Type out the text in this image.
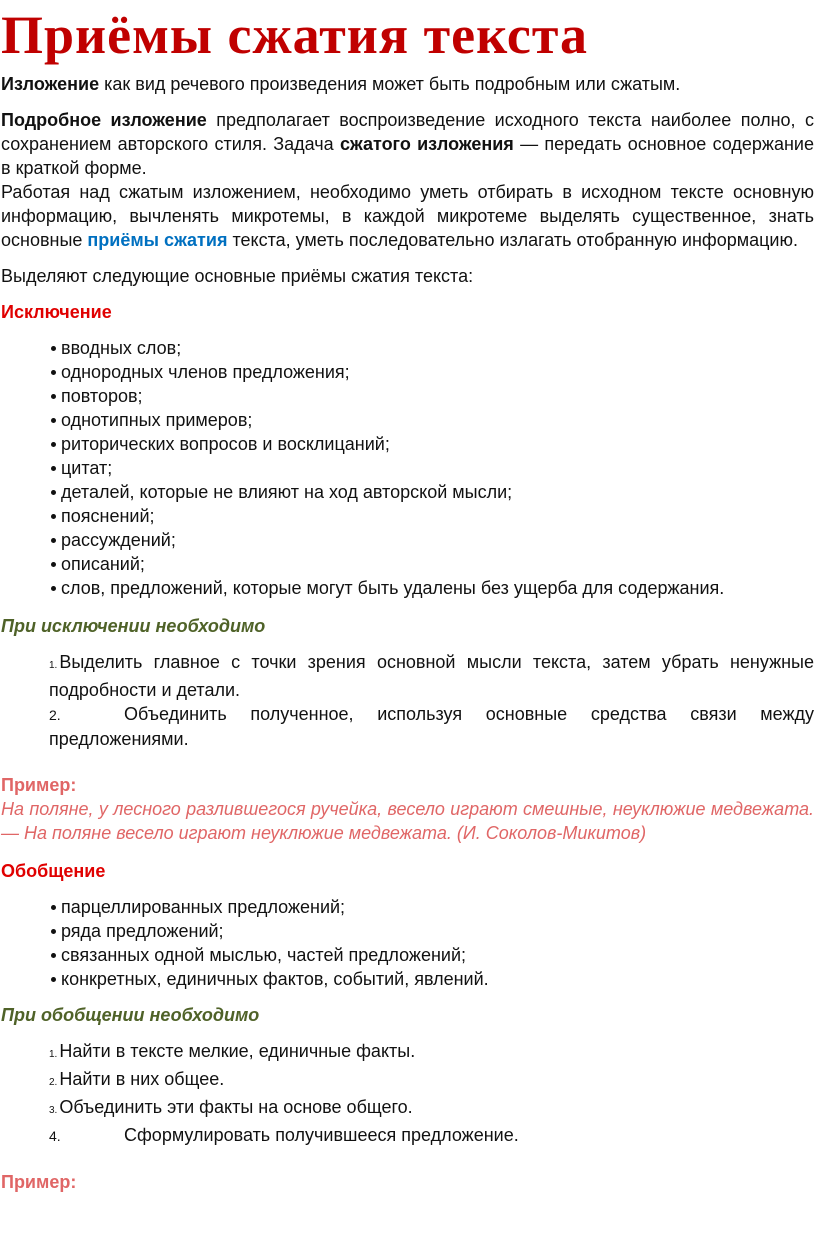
Приёмы сжатия текста

Изложение как вид речевого произведения может быть подробным или сжатым.

Подробное изложение предполагает воспроизведение исходного текста наиболее полно, с сохранением авторского стиля. Задача сжатого изложения — передать основное содержание в краткой форме.

Работая над сжатым изложением, необходимо уметь отбирать в исходном тексте основную информацию, вычленять микротемы, в каждой микротеме выделять существенное, знать основные приёмы сжатия текста, уметь последовательно излагать отобранную информацию.

Выделяют следующие основные приёмы сжатия текста:

Исключение
вводных слов;
однородных членов предложения;
повторов;
однотипных примеров;
риторических вопросов и восклицаний;
цитат;
деталей, которые не влияют на ход авторской мысли;
пояснений;
рассуждений;
описаний;
слов, предложений, которые могут быть удалены без ущерба для содержания.
При исключении необходимо
1. Выделить главное с точки зрения основной мысли текста, затем убрать ненужные подробности и детали.
2.	Объединить полученное, используя основные средства связи между предложениями.
Пример:
На поляне, у лесного разлившегося ручейка, весело играют смешные, неуклюжие медвежата. — На поляне весело играют неуклюжие медвежата. (И. Соколов-Микитов)
Обобщение
парцеллированных предложений;
ряда предложений;
связанных одной мыслью, частей предложений;
конкретных, единичных фактов, событий, явлений.
При обобщении необходимо
1. Найти в тексте мелкие, единичные факты.
2. Найти в них общее.
3. Объединить эти факты на основе общего.
4.	Сформулировать получившееся предложение.
Пример:
